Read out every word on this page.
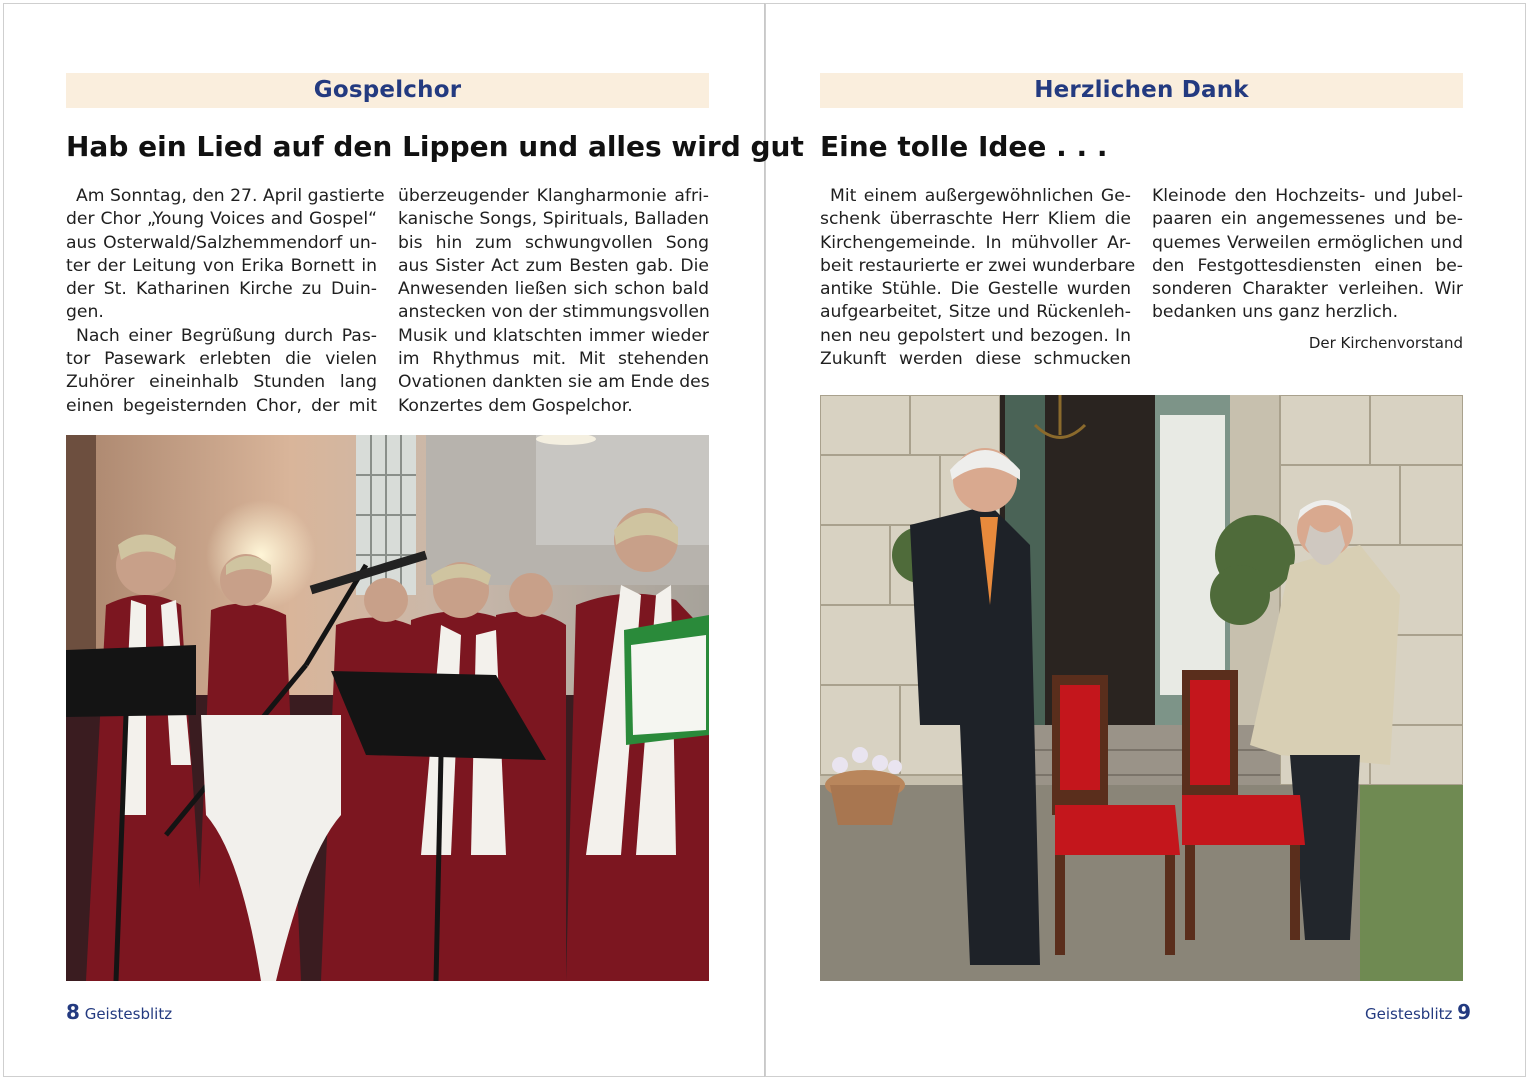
Gospelchor
Hab ein Lied auf den Lippen und alles wird gut
Am Sonntag, den 27. April gastierte
der Chor „Young Voices and Gospel“
aus Osterwald/Salzhemmendorf un-
ter der Leitung von Erika Bornett in
der St. Katharinen Kirche zu Duin-
gen.
Nach einer Begrüßung durch Pas-
tor Pasewark erlebten die vielen
Zuhörer eineinhalb Stunden lang
einen begeisternden Chor, der mit
überzeugender Klangharmonie afri-
kanische Songs, Spirituals, Balladen
bis hin zum schwungvollen Song
aus Sister Act zum Besten gab. Die
Anwesenden ließen sich schon bald
anstecken von der stimmungsvollen
Musik und klatschten immer wieder
im Rhythmus mit. Mit stehenden
Ovationen dankten sie am Ende des
Konzertes dem Gospelchor.
8 Geistesblitz
Herzlichen Dank
Eine tolle Idee . . .
Mit einem außergewöhnlichen Ge-
schenk überraschte Herr Kliem die
Kirchengemeinde. In mühvoller Ar-
beit restaurierte er zwei wunderbare
antike Stühle. Die Gestelle wurden
aufgearbeitet, Sitze und Rückenleh-
nen neu gepolstert und bezogen. In
Zukunft werden diese schmucken
Kleinode den Hochzeits- und Jubel-
paaren ein angemessenes und be-
quemes Verweilen ermöglichen und
den Festgottesdiensten einen be-
sonderen Charakter verleihen. Wir
bedanken uns ganz herzlich.
Der Kirchenvorstand
Geistesblitz 9
